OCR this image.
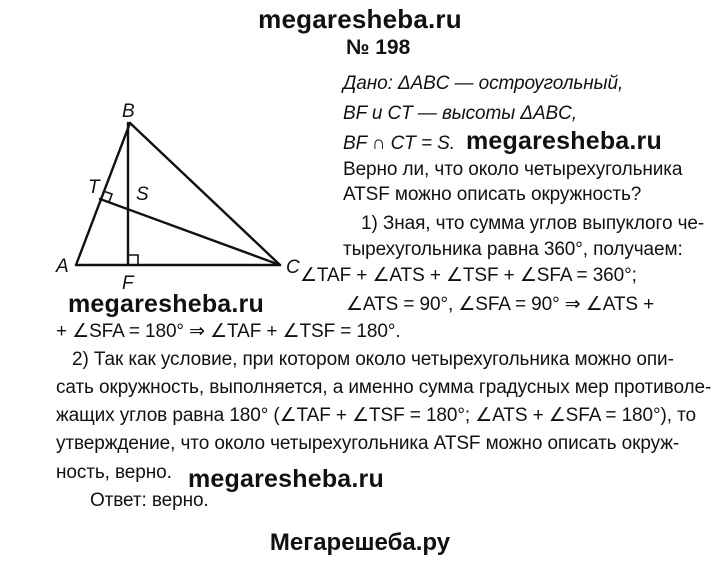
megaresheba.ru
№ 198
B
T S
A
F
C
Дано: ΔABC — остроугольный,
BF и CT — высоты ΔABC,
BF ∩ CT = S. megaresheba.ru
megaresheba.ru
megaresheba.ru
Верно ли, что около четырехугольника
ATSF можно описать окружность?
1) Зная, что сумма углов выпуклого че-
тырехугольника равна 360°, получаем:
∠TAF + ∠ATS + ∠TSF + ∠SFA = 360°;
∠ATS = 90°, ∠SFA = 90° ⇒ ∠ATS +
+ ∠SFA = 180° ⇒ ∠TAF + ∠TSF = 180°.
2) Так как условие, при котором около четырехугольника можно опи-
сать окружность, выполняется, а именно сумма градусных мер противоле-
жащих углов равна 180° (∠TAF + ∠TSF = 180°; ∠ATS + ∠SFA = 180°), то
утверждение, что около четырехугольника ATSF можно описать окруж-
ность, верно.
Ответ: верно.
Мегарешеба.ру
